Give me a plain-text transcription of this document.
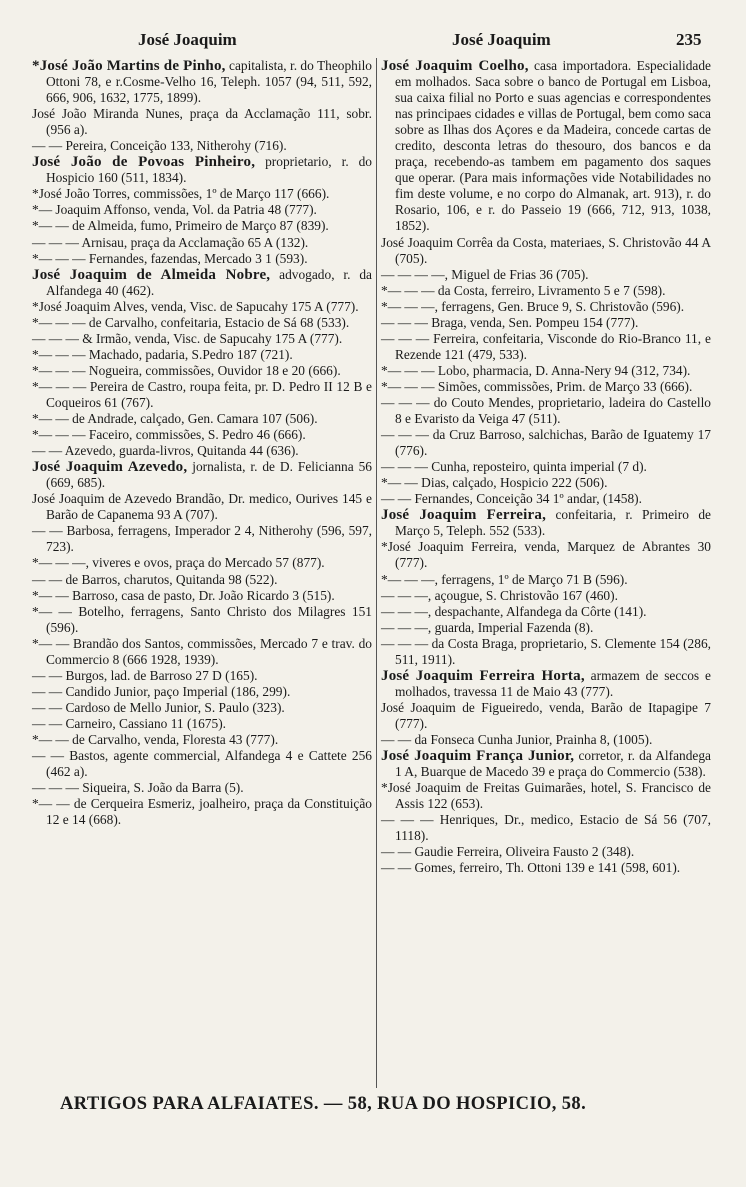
José Joaquim	José Joaquim	235

*José João Martins de Pinho, capitalista, r. do Theophilo Ottoni 78, e r.Cosme-Velho 16, Teleph. 1057 (94, 511, 592, 666, 906, 1632, 1775, 1899).

José João Miranda Nunes, praça da Acclamação 111, sobr. (956 a).

— — Pereira, Conceição 133, Nitherohy (716).

José João de Povoas Pinheiro, proprietario, r. do Hospicio 160 (511, 1834).

*José João Torres, commissões, 1º de Março 117 (666).

*— Joaquim Affonso, venda, Vol. da Patria 48 (777).

*— — de Almeida, fumo, Primeiro de Março 87 (839).

— — — Arnisau, praça da Acclamação 65 A (132).

*— — — Fernandes, fazendas, Mercado 3 1 (593).

José Joaquim de Almeida Nobre, advogado, r. da Alfandega 40 (462).

*José Joaquim Alves, venda, Visc. de Sapucahy 175 A (777).

*— — — de Carvalho, confeitaria, Estacio de Sá 68 (533).

— — — & Irmão, venda, Visc. de Sapucahy 175 A (777).

*— — — Machado, padaria, S.Pedro 187 (721).

*— — — Nogueira, commissões, Ouvidor 18 e 20 (666).

*— — — Pereira de Castro, roupa feita, pr. D. Pedro II 12 B e Coqueiros 61 (767).

*— — de Andrade, calçado, Gen. Camara 107 (506).

*— — — Faceiro, commissões, S. Pedro 46 (666).

— — Azevedo, guarda-livros, Quitanda 44 (636).

José Joaquim Azevedo, jornalista, r. de D. Felicianna 56 (669, 685).

José Joaquim de Azevedo Brandão, Dr. medico, Ourives 145 e Barão de Capanema 93 A (707).

— — Barbosa, ferragens, Imperador 2 4, Nitherohy (596, 597, 723).

*— — —, viveres e ovos, praça do Mercado 57 (877).

— — de Barros, charutos, Quitanda 98 (522).

*— — Barroso, casa de pasto, Dr. João Ricardo 3 (515).

*— — Botelho, ferragens, Santo Christo dos Milagres 151 (596).

*— — Brandão dos Santos, commissões, Mercado 7 e trav. do Commercio 8 (666 1928, 1939).

— — Burgos, lad. de Barroso 27 D (165).

— — Candido Junior, paço Imperial (186, 299).

— — Cardoso de Mello Junior, S. Paulo (323).

— — Carneiro, Cassiano 11 (1675).

*— — de Carvalho, venda, Floresta 43 (777).

— — Bastos, agente commercial, Alfandega 4 e Cattete 256 (462 a).

— — — Siqueira, S. João da Barra (5).

*— — de Cerqueira Esmeriz, joalheiro, praça da Constituição 12 e 14 (668).

José Joaquim Coelho, casa importadora. Especialidade em molhados. Saca sobre o banco de Portugal em Lisboa, sua caixa filial no Porto e suas agencias e correspondentes nas principaes cidades e villas de Portugal, bem como saca sobre as Ilhas dos Açores e da Madeira, concede cartas de credito, desconta letras do thesouro, dos bancos e da praça, recebendo-as tambem em pagamento dos saques que operar. (Para mais informações vide Notabilidades no fim deste volume, e no corpo do Almanak, art. 913), r. do Rosario, 106, e r. do Passeio 19 (666, 712, 913, 1038, 1852).

José Joaquim Corrêa da Costa, materiaes, S. Christovão 44 A (705).

— — — —, Miguel de Frias 36 (705).

*— — — da Costa, ferreiro, Livramento 5 e 7 (598).

*— — —, ferragens, Gen. Bruce 9, S. Christovão (596).

— — — Braga, venda, Sen. Pompeu 154 (777).

— — — Ferreira, confeitaria, Visconde do Rio-Branco 11, e Rezende 121 (479, 533).

*— — — Lobo, pharmacia, D. Anna-Nery 94 (312, 734).

*— — — Simões, commissões, Prim. de Março 33 (666).

— — — do Couto Mendes, proprietario, ladeira do Castello 8 e Evaristo da Veiga 47 (511).

— — — da Cruz Barroso, salchichas, Barão de Iguatemy 17 (776).

— — — Cunha, reposteiro, quinta imperial (7 d).

*— — Dias, calçado, Hospicio 222 (506).

— — Fernandes, Conceição 34 1º andar, (1458).

José Joaquim Ferreira, confeitaria, r. Primeiro de Março 5, Teleph. 552 (533).

*José Joaquim Ferreira, venda, Marquez de Abrantes 30 (777).

*— — —, ferragens, 1º de Março 71 B (596).

— — —, açougue, S. Christovão 167 (460).

— — —, despachante, Alfandega da Côrte (141).

— — —, guarda, Imperial Fazenda (8).

— — — da Costa Braga, proprietario, S. Clemente 154 (286, 511, 1911).

José Joaquim Ferreira Horta, armazem de seccos e molhados, travessa 11 de Maio 43 (777).

José Joaquim de Figueiredo, venda, Barão de Itapagipe 7 (777).

— — da Fonseca Cunha Junior, Prainha 8, (1005).

José Joaquim França Junior, corretor, r. da Alfandega 1 A, Buarque de Macedo 39 e praça do Commercio (538).

*José Joaquim de Freitas Guimarães, hotel, S. Francisco de Assis 122 (653).

— — — Henriques, Dr., medico, Estacio de Sá 56 (707, 1118).

— — Gaudie Ferreira, Oliveira Fausto 2 (348).

— — Gomes, ferreiro, Th. Ottoni 139 e 141 (598, 601).

ARTIGOS PARA ALFAIATES. — 58, RUA DO HOSPICIO, 58.
